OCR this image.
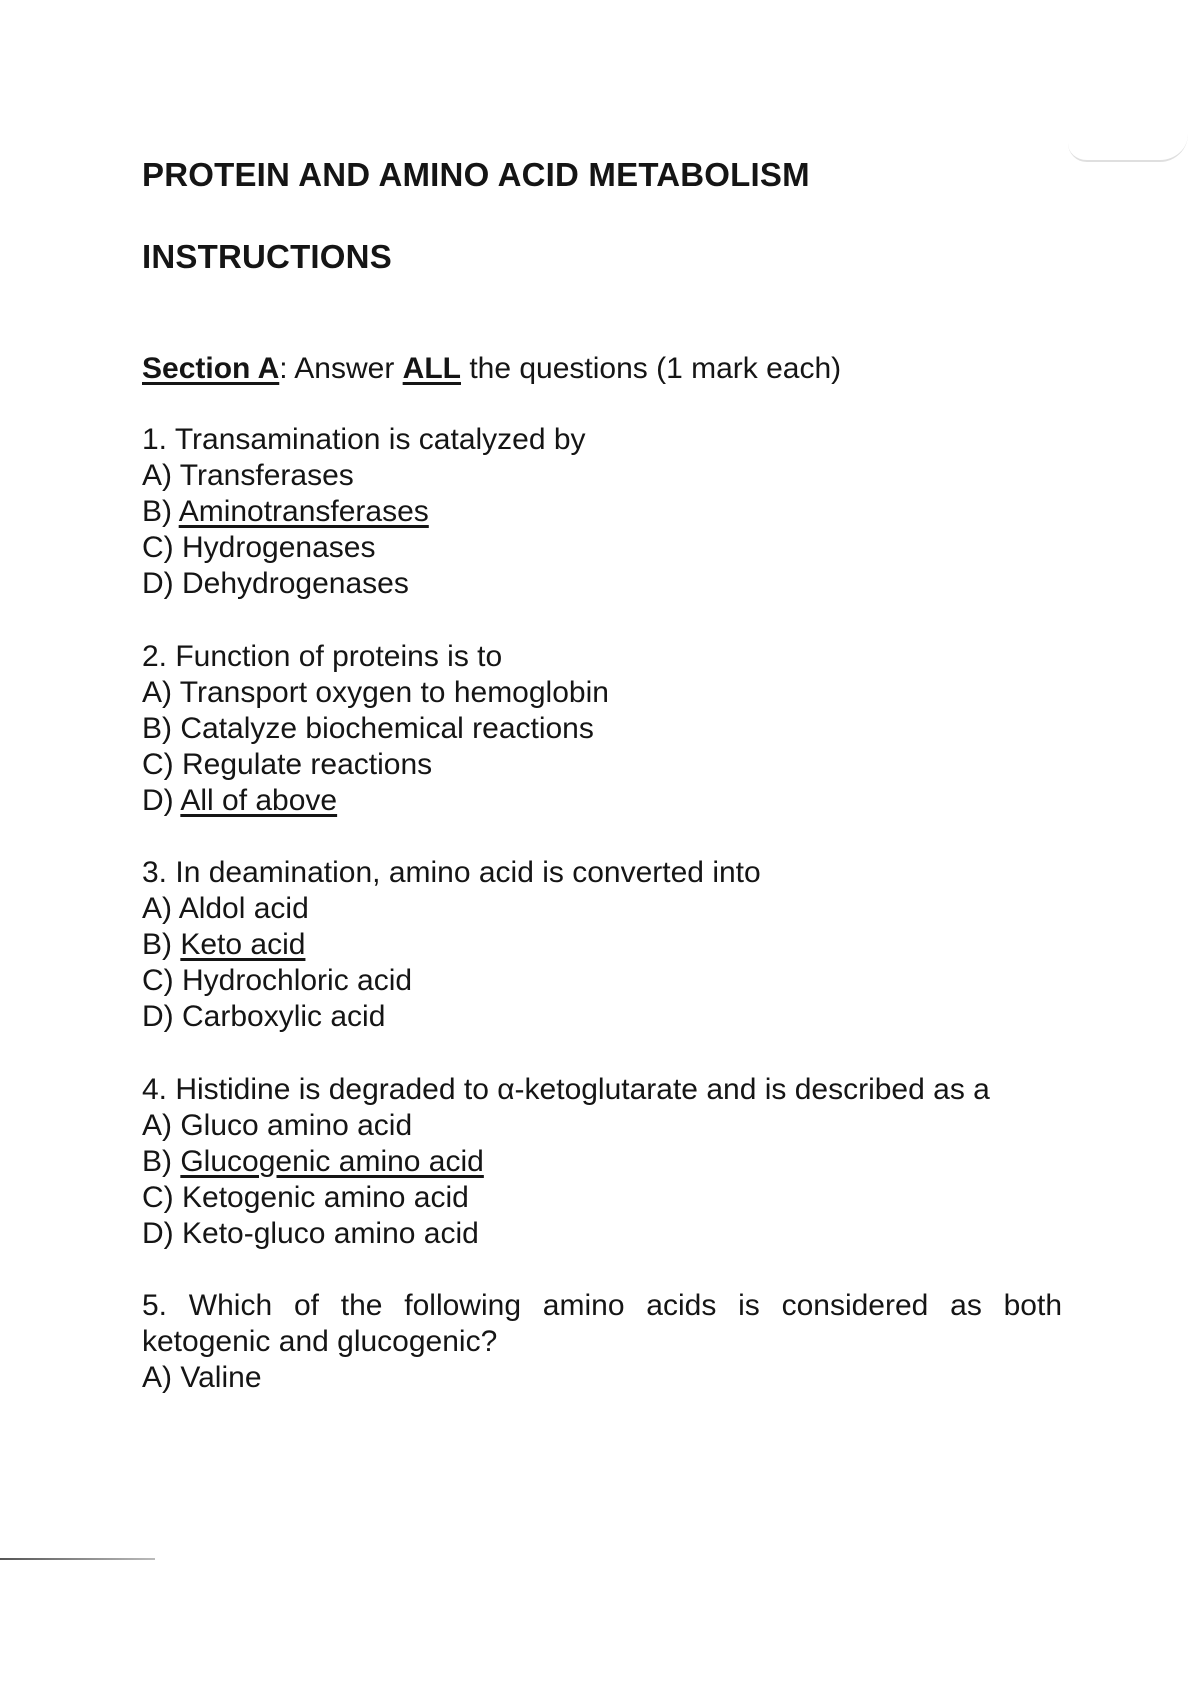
PROTEIN AND AMINO ACID METABOLISM
INSTRUCTIONS

Section A: Answer ALL the questions (1 mark each)

1. Transamination is catalyzed by
A) Transferases
B) Aminotransferases
C) Hydrogenases
D) Dehydrogenases
2. Function of proteins is to
A) Transport oxygen to hemoglobin
B) Catalyze biochemical reactions
C) Regulate reactions
D) All of above
3. In deamination, amino acid is converted into
A) Aldol acid
B) Keto acid
C) Hydrochloric acid
D) Carboxylic acid
4. Histidine is degraded to α-ketoglutarate and is described as a
A) Gluco amino acid
B) Glucogenic amino acid
C) Ketogenic amino acid
D) Keto-gluco amino acid
5. Which of the following amino acids is considered as both ketogenic and glucogenic?
A) Valine
